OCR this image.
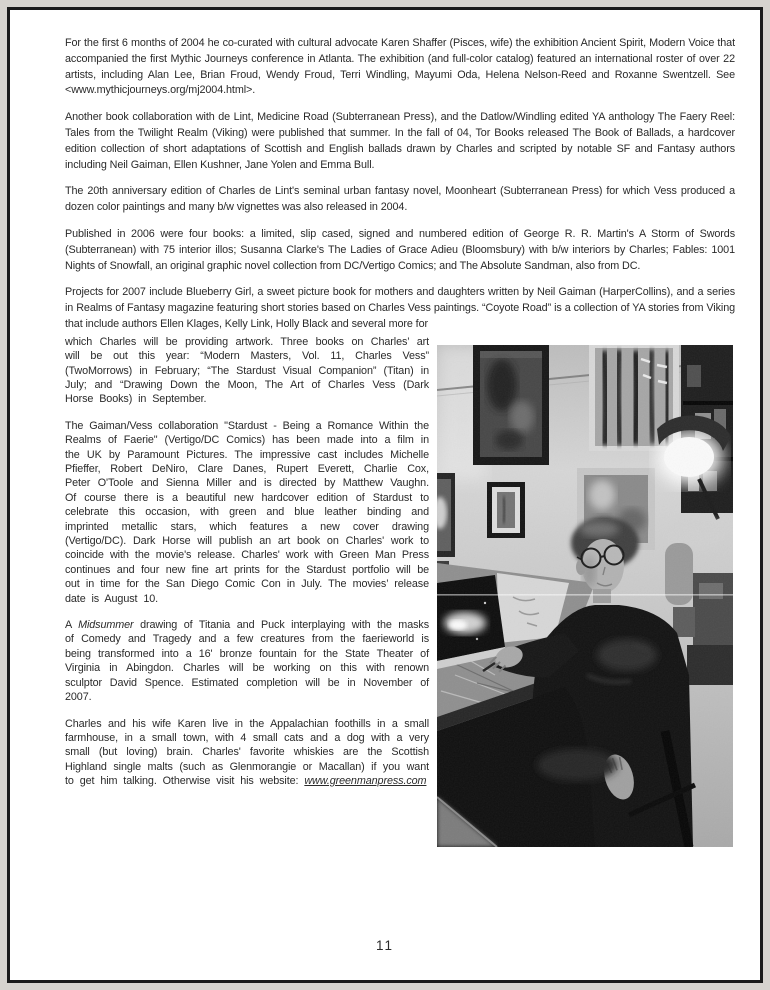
For the first 6 months of 2004 he co-curated with cultural advocate Karen Shaffer (Pisces, wife) the exhibition Ancient Spirit, Modern Voice that accompanied the first Mythic Journeys conference in Atlanta. The exhibition (and full-color catalog) featured an international roster of over 22 artists, including Alan Lee, Brian Froud, Wendy Froud, Terri Windling, Mayumi Oda, Helena Nelson-Reed and Roxanne Swentzell. See <www.mythicjourneys.org/mj2004.html>.

Another book collaboration with de Lint, Medicine Road (Subterranean Press), and the Datlow/Windling edited YA anthology The Faery Reel: Tales from the Twilight Realm (Viking) were published that summer. In the fall of 04, Tor Books released The Book of Ballads, a hardcover edition collection of short adaptations of Scottish and English ballads drawn by Charles and scripted by notable SF and Fantasy authors including Neil Gaiman, Ellen Kushner, Jane Yolen and Emma Bull.

The 20th anniversary edition of Charles de Lint's seminal urban fantasy novel, Moonheart (Subterranean Press) for which Vess produced a dozen color paintings and many b/w vignettes was also released in 2004.

Published in 2006 were four books: a limited, slip cased, signed and numbered edition of George R. R. Martin's A Storm of Swords (Subterranean) with 75 interior illos; Susanna Clarke's The Ladies of Grace Adieu (Bloomsbury) with b/w interiors by Charles; Fables: 1001 Nights of Snowfall, an original graphic novel collection from DC/Vertigo Comics; and The Absolute Sandman, also from DC.

Projects for 2007 include Blueberry Girl, a sweet picture book for mothers and daughters written by Neil Gaiman (HarperCollins), and a series in Realms of Fantasy magazine featuring short stories based on Charles Vess paintings. “Coyote Road” is a collection of YA stories from Viking that include authors Ellen Klages, Kelly Link, Holly Black and several more for

which Charles will be providing artwork. Three books on Charles’ art will be out this year: “Modern Masters, Vol. 11, Charles Vess” (TwoMorrows) in February; “The Stardust Visual Companion” (Titan) in July; and “Drawing Down the Moon, The Art of Charles Vess (Dark Horse Books) in September.

The Gaiman/Vess collaboration "Stardust - Being a Romance Within the Realms of Faerie" (Vertigo/DC Comics) has been made into a film in the UK by Paramount Pictures. The impressive cast includes Michelle Pfieffer, Robert DeNiro, Clare Danes, Rupert Everett, Charlie Cox, Peter O'Toole and Sienna Miller and is directed by Matthew Vaughn. Of course there is a beautiful new hardcover edition of Stardust to celebrate this occasion, with green and blue leather binding and imprinted metallic stars, which features a new cover drawing (Vertigo/DC). Dark Horse will publish an art book on Charles' work to coincide with the movie's release. Charles' work with Green Man Press continues and four new fine art prints for the Stardust portfolio will be out in time for the San Diego Comic Con in July. The movies’ release date is August 10.

A Midsummer drawing of Titania and Puck interplaying with the masks of Comedy and Tragedy and a few creatures from the faerieworld is being transformed into a 16' bronze fountain for the State Theater of Virginia in Abingdon. Charles will be working on this with renown sculptor David Spence. Estimated completion will be in November of 2007.

Charles and his wife Karen live in the Appalachian foothills in a small farmhouse, in a small town, with 4 small cats and a dog with a very small (but loving) brain. Charles' favorite whiskies are the Scottish Highland single malts (such as Glenmorangie or Macallan) if you want to get him talking. Otherwise visit his website: www.greenmanpress.com

11
